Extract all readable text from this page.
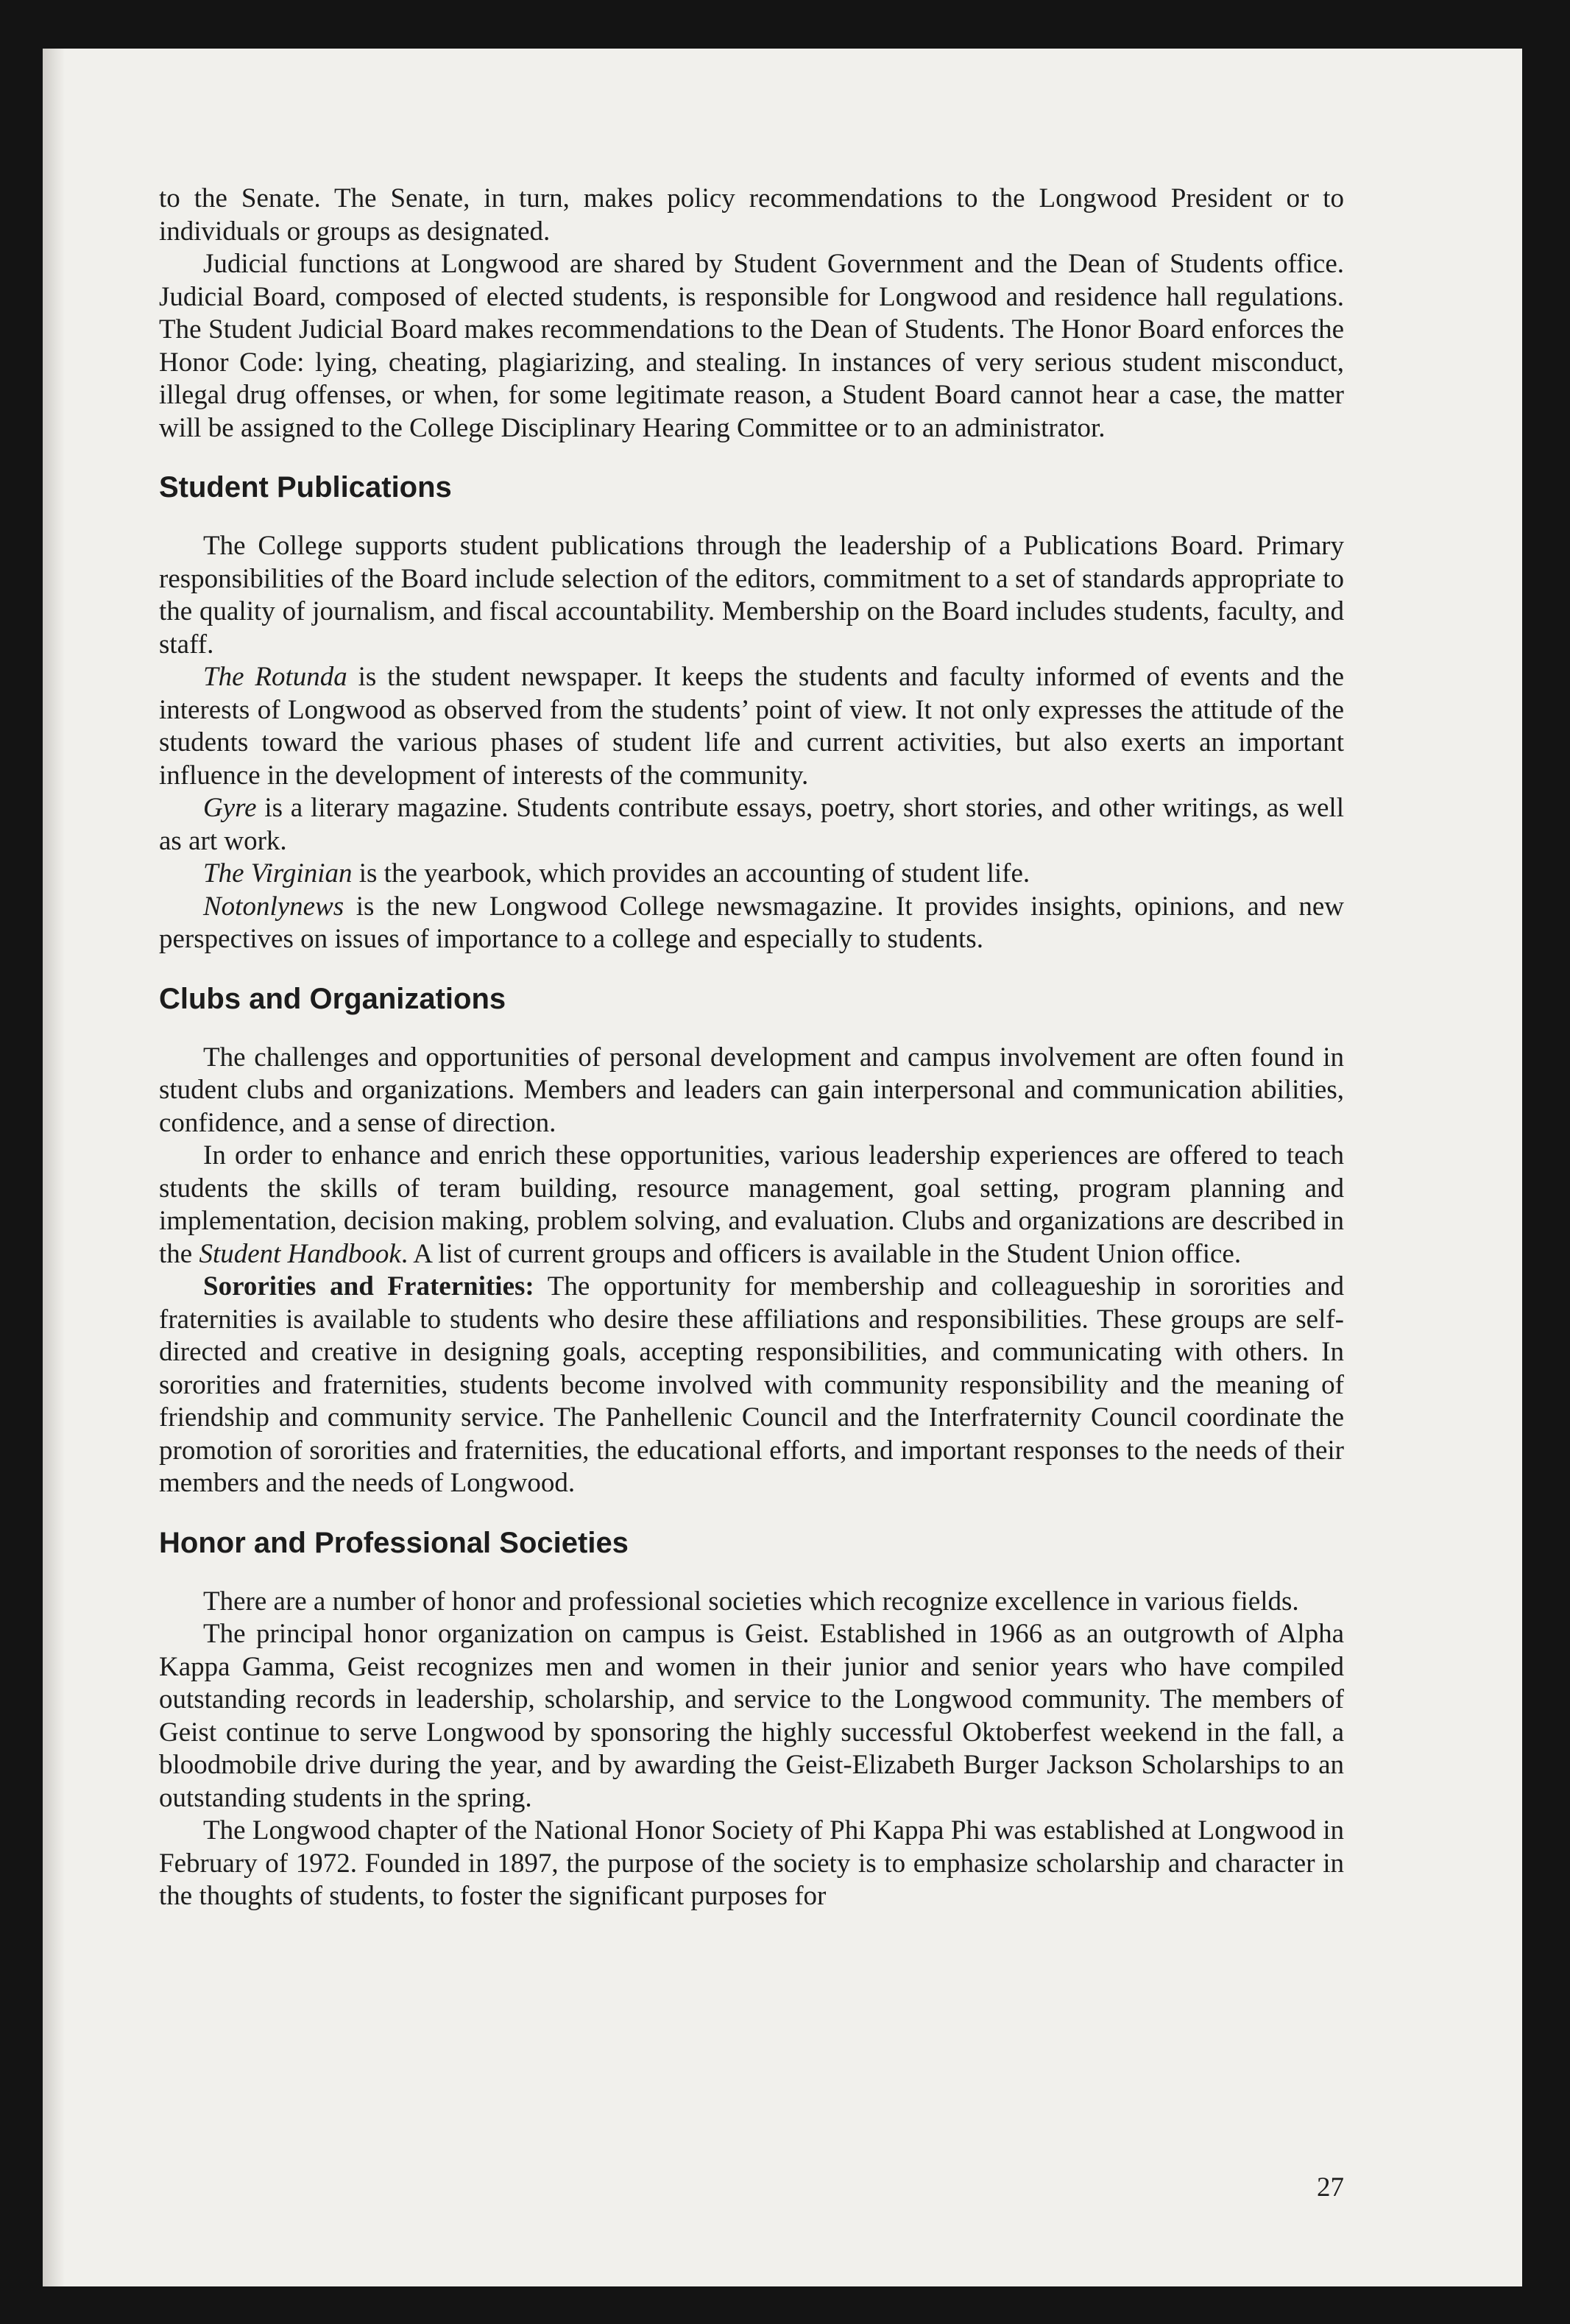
to the Senate. The Senate, in turn, makes policy recommendations to the Longwood President or to individuals or groups as designated.

Judicial functions at Longwood are shared by Student Government and the Dean of Students office. Judicial Board, composed of elected students, is responsible for Longwood and residence hall regulations. The Student Judicial Board makes recommendations to the Dean of Students. The Honor Board enforces the Honor Code: lying, cheating, plagiarizing, and stealing. In instances of very serious student misconduct, illegal drug offenses, or when, for some legitimate reason, a Student Board cannot hear a case, the matter will be assigned to the College Disciplinary Hearing Committee or to an administrator.

Student Publications

The College supports student publications through the leadership of a Publications Board. Primary responsibilities of the Board include selection of the editors, commitment to a set of standards appropriate to the quality of journalism, and fiscal accountability. Membership on the Board includes students, faculty, and staff.

The Rotunda is the student newspaper. It keeps the students and faculty informed of events and the interests of Longwood as observed from the students’ point of view. It not only expresses the attitude of the students toward the various phases of student life and current activities, but also exerts an important influence in the development of interests of the community.

Gyre is a literary magazine. Students contribute essays, poetry, short stories, and other writings, as well as art work.

The Virginian is the yearbook, which provides an accounting of student life.

Notonlynews is the new Longwood College newsmagazine. It provides insights, opinions, and new perspectives on issues of importance to a college and especially to students.

Clubs and Organizations

The challenges and opportunities of personal development and campus involvement are often found in student clubs and organizations. Members and leaders can gain interpersonal and communication abilities, confidence, and a sense of direction.

In order to enhance and enrich these opportunities, various leadership experiences are offered to teach students the skills of teram building, resource management, goal setting, program planning and implementation, decision making, problem solving, and evaluation. Clubs and organizations are described in the Student Handbook. A list of current groups and officers is available in the Student Union office.

Sororities and Fraternities: The opportunity for membership and colleagueship in sororities and fraternities is available to students who desire these affiliations and responsibilities. These groups are self-directed and creative in designing goals, accepting responsibilities, and communicating with others. In sororities and fraternities, students become involved with community responsibility and the meaning of friendship and community service. The Panhellenic Council and the Interfraternity Council coordinate the promotion of sororities and fraternities, the educational efforts, and important responses to the needs of their members and the needs of Longwood.

Honor and Professional Societies

There are a number of honor and professional societies which recognize excellence in various fields.

The principal honor organization on campus is Geist. Established in 1966 as an outgrowth of Alpha Kappa Gamma, Geist recognizes men and women in their junior and senior years who have compiled outstanding records in leadership, scholarship, and service to the Longwood community. The members of Geist continue to serve Longwood by sponsoring the highly successful Oktoberfest weekend in the fall, a bloodmobile drive during the year, and by awarding the Geist-Elizabeth Burger Jackson Scholarships to an outstanding students in the spring.

The Longwood chapter of the National Honor Society of Phi Kappa Phi was established at Longwood in February of 1972. Founded in 1897, the purpose of the society is to emphasize scholarship and character in the thoughts of students, to foster the significant purposes for

27
